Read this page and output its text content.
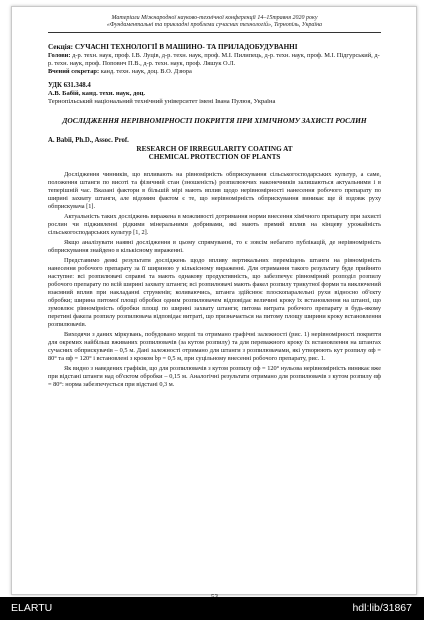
Матеріали Міжнародної науково-технічної конференції 14–15травня 2020 року
«Фундаментальні та прикладні проблеми сучасних технологій», Тернопіль, Україна
Секція: СУЧАСНІ ТЕХНОЛОГІЇ В МАШИНО- ТА ПРИЛАДОБУДУВАННІ
Голови: д-р. техн. наук, проф. І.В. Луців, д-р. техн. наук, проф. М.І. Пилипець, д-р. техн. наук, проф. М.І. Підгурський, д-р. техн. наук, проф. Поповнч П.В., д-р. техн. наук, проф. Ляшук О.Л.
Вчений секретар: канд. техн. наук, доц. В.О. Дзюра
УДК 631.348.4
А.В. Бабій, канд. техн. наук, доц.
Тернопільський національний технічний університет імені Івана Пулюя, Україна
ДОСЛІДЖЕННЯ НЕРІВНОМІРНОСТІ ПОКРИТТЯ ПРИ ХІМІЧНОМУ ЗАХИСТІ РОСЛИН
A. Babii, Ph.D., Assoc. Prof.
RESEARCH OF IRREGULARITY COATING AT
CHEMICAL PROTECTION OF PLANTS

Дослідження чинників, що впливають на рівномірність обприскування сільськогосподарських культур, а саме, положення штанги по висоті та фізичний стан (зношеність) розпилюючих наконечників залишаються актуальними і в теперішній час. Вказані фактори в більшій мірі мають вплив щодо нерівномірності нанесення робочого препарату по ширині захвату штанги, але відомим фактом є те, що нерівномірність обприскування виникає ще й вздовж руху обприскувача [1].

Актуальність таких досліджень виражена в можливості дотримання норми внесення хімічного препарату при захисті рослин чи підживленні рідкими мінеральними добривами, які мають прямий вплив на кінцеву урожайність сільськогосподарських культур [1, 2].

Якщо аналізувати наявні дослідження в цьому спрямуванні, то є зовсім небагато публікацій, де нерівномірність обприскування знайдено в кількісному вираженні.

Представимо деякі результати досліджень щодо впливу вертикальних переміщень штанги на рівномірність нанесення робочого препарату за її шириною у кількісному вираженні. Для отримання такого результату буде прийнято наступне: всі розпилювачі справні та мають однакову продуктивність, що забезпечує рівномірний розподіл розпилу робочого препарату по всій ширині захвату штанги; всі розпилювачі мають факел розпилу трикутної форми та виключений взаємний вплив при накладанні струменів; коливаючись, штанга здійснює плоскопаралельні рухи відносно об'єкту обробки; ширина питомої площі обробки одним розпилювачем відповідає величині кроку їх встановлення на штанзі, що зумовлює рівномірність обробки площі по ширині захвату штанги; питома витрата робочого препарату в будь-якому перетині факела розпилу розпилювача відповідає витраті, що призначається на питому площу ширини кроку встановлення розпилювачів.

Виходячи з даних міркувань, побудовано моделі та отримано графічні залежності (рис. 1) нерівномірності покриття для окремих найбільш вживаних розпилювачів (за кутом розпилу) та для переважного кроку їх встановлення на штангах сучасних обприскувачів – 0,5 м. Дані залежності отримано для штанги з розпилювачами, які утворюють кут розпилу αф = 80° та αф = 120° і встановлені з кроком bр = 0,5 м, при суцільному внесенні робочого препарату, рис. 1.

Як видно з наведених графіків, що для розпилювачів з кутом розпилу αф = 120° нульова нерівномірність виникає вже при відстані штанги над об'єктом обробки – 0,15 м. Аналогічні результати отримано для розпилювачів з кутом розпилу αф = 80°: норма забезпечується при відстані 0,3 м.

ELARTU	hdl:lib/31867
